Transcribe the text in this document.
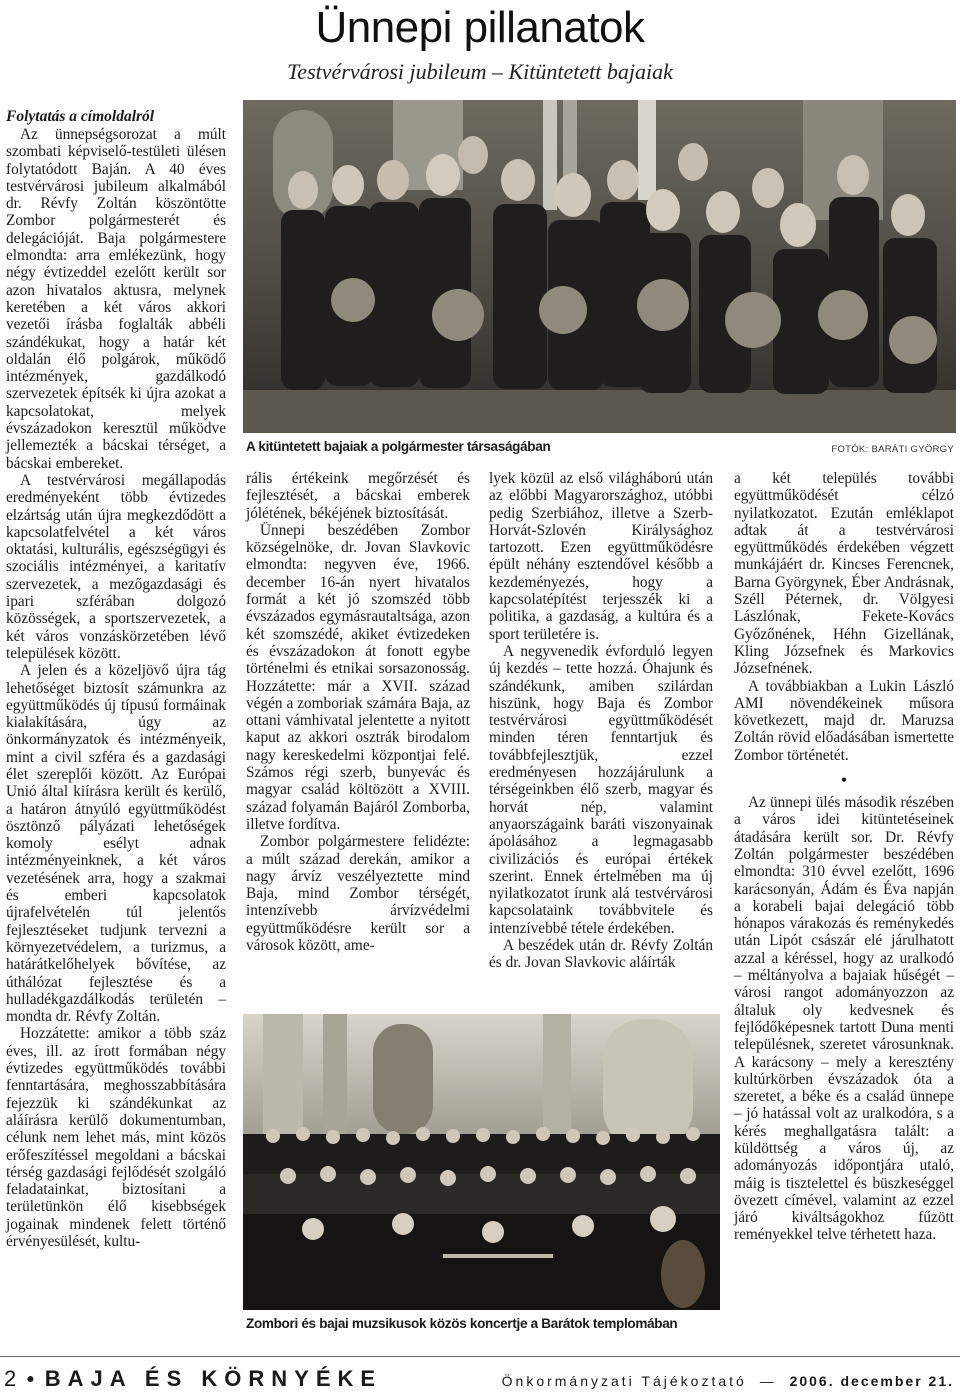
Ünnepi pillanatok
Testvérvárosi jubileum – Kitüntetett bajaiak
Folytatás a címoldalról

Az ünnepségsorozat a múlt szombati képviselő-testületi ülésen folytatódott Baján. A 40 éves testvérvárosi jubileum alkalmából dr. Révfy Zoltán köszöntötte Zombor polgármesterét és delegációját. Baja polgármestere elmondta: arra emlékezünk, hogy négy évtizeddel ezelőtt került sor azon hivatalos aktusra, melynek keretében a két város akkori vezetői írásba foglalták abbéli szándékukat, hogy a határ két oldalán élő polgárok, működő intézmények, gazdálkodó szervezetek építsék ki újra azokat a kapcsolatokat, melyek évszázadokon keresztül működve jellemezték a bácskai térséget, a bácskai embereket.

A testvérvárosi megállapodás eredményeként több évtizedes elzártság után újra megkezdődött a kapcsolatfelvétel a két város oktatási, kulturális, egészségügyi és szociális intézményei, a karitatív szervezetek, a mezőgazdasági és ipari szférában dolgozó közösségek, a sportszervezetek, a két város vonzáskörzetében lévő települések között.

A jelen és a közeljövő újra tág lehetőséget biztosít számunkra az együttműködés új típusú formáinak kialakítására, úgy az önkormányzatok és intézményeik, mint a civil szféra és a gazdasági élet szereplői között. Az Európai Unió által kiírásra került és kerülő, a határon átnyúló együttműködést ösztönző pályázati lehetőségek komoly esélyt adnak intézményeinknek, a két város vezetésének arra, hogy a szakmai és emberi kapcsolatok újrafelvételén túl jelentős fejlesztéseket tudjunk tervezni a környezetvédelem, a turizmus, a határátkelőhelyek bővítése, az úthálózat fejlesztése és a hulladékgazdálkodás területén – mondta dr. Révfy Zoltán.

Hozzátette: amikor a több száz éves, ill. az írott formában négy évtizedes együttműködés további fenntartására, meghosszabbítására fejezzük ki szándékunkat az aláírásra kerülő dokumentumban, célunk nem lehet más, mint közös erőfeszítéssel megoldani a bácskai térség gazdasági fejlődését szolgáló feladatainkat, biztosítani a területünkön élő kisebbségek jogainak mindenek felett történő érvényesülését, kultu-

A kitüntetett bajaiak a polgármester társaságában	FOTÓK: BARÁTI GYÖRGY

rális értékeink megőrzését és fejlesztését, a bácskai emberek jólétének, békéjének biztosítását.

Ünnepi beszédében Zombor községelnöke, dr. Jovan Slavkovic elmondta: negyven éve, 1966. december 16-án nyert hivatalos formát a két jó szomszéd több évszázados egymásrautaltsága, azon két szomszédé, akiket évtizedeken és évszázadokon át fonott egybe történelmi és etnikai sorsazonosság. Hozzátette: már a XVII. század végén a zomboriak számára Baja, az ottani vámhivatal jelentette a nyitott kaput az akkori osztrák birodalom nagy kereskedelmi központjai felé. Számos régi szerb, bunyevác és magyar család költözött a XVIII. század folyamán Bajáról Zomborba, illetve fordítva.

Zombor polgármestere felidézte: a múlt század derekán, amikor a nagy árvíz veszélyeztette mind Baja, mind Zombor térségét, intenzívebb árvízvédelmi együttműködésre került sor a városok között, ame-

lyek közül az első világháború után az előbbi Magyarországhoz, utóbbi pedig Szerbiához, illetve a Szerb-Horvát-Szlovén Királysághoz tartozott. Ezen együttműködésre épült néhány esztendővel később a kezdeményezés, hogy a kapcsolatépítést terjesszék ki a politika, a gazdaság, a kultúra és a sport területére is.

A negyvenedik évforduló legyen új kezdés – tette hozzá. Óhajunk és szándékunk, amiben szilárdan hiszünk, hogy Baja és Zombor testvérvárosi együttműködését minden téren fenntartjuk és továbbfejlesztjük, ezzel eredményesen hozzájárulunk a térségeinkben élő szerb, magyar és horvát nép, valamint anyaországaink baráti viszonyainak ápolásához a legmagasabb civilizációs és európai értékek szerint. Ennek értelmében ma új nyilatkozatot írunk alá testvérvárosi kapcsolataink továbbvitele és intenzívebbé tétele érdekében.

A beszédek után dr. Révfy Zoltán és dr. Jovan Slavkovic aláírták

a két település további együttműködését célzó nyilatkozatot. Ezután emléklapot adtak át a testvérvárosi együttműködés érdekében végzett munkájáért dr. Kincses Ferencnek, Barna Györgynek, Éber Andrásnak, Széll Péternek, dr. Völgyesi Lászlónak, Fekete-Kovács Győzőnének, Héhn Gizellának, Kling Józsefnek és Markovics Józsefnének.

A továbbiakban a Lukin László AMI növendékeinek műsora következett, majd dr. Maruzsa Zoltán rövid előadásában ismertette Zombor történetét.

•

Az ünnepi ülés második részében a város idei kitüntetéseinek átadására került sor. Dr. Révfy Zoltán polgármester beszédében elmondta: 310 évvel ezelőtt, 1696 karácsonyán, Ádám és Éva napján a korabeli bajai delegáció több hónapos várakozás és reménykedés után Lipót császár elé járulhatott azzal a kéréssel, hogy az uralkodó – méltányolva a bajaiak hűségét – városi rangot adományozzon az általuk oly kedvesnek és fejlődőképesnek tartott Duna menti településnek, szeretet városunknak. A karácsony – mely a keresztény kultúrkörben évszázadok óta a szeretet, a béke és a család ünnepe – jó hatással volt az uralkodóra, s a kérés meghallgatásra talált: a küldöttség a város új, az adományozás időpontjára utaló, máig is tisztelettel és büszkeséggel övezett címével, valamint az ezzel járó kiváltságokhoz fűzött reményekkel telve térhetett haza.

Zombori és bajai muzsikusok közös koncertje a Barátok templomában
2 ● BAJA ÉS KÖRNYÉKE	Önkormányzati Tájékoztató — 2006. december 21.
